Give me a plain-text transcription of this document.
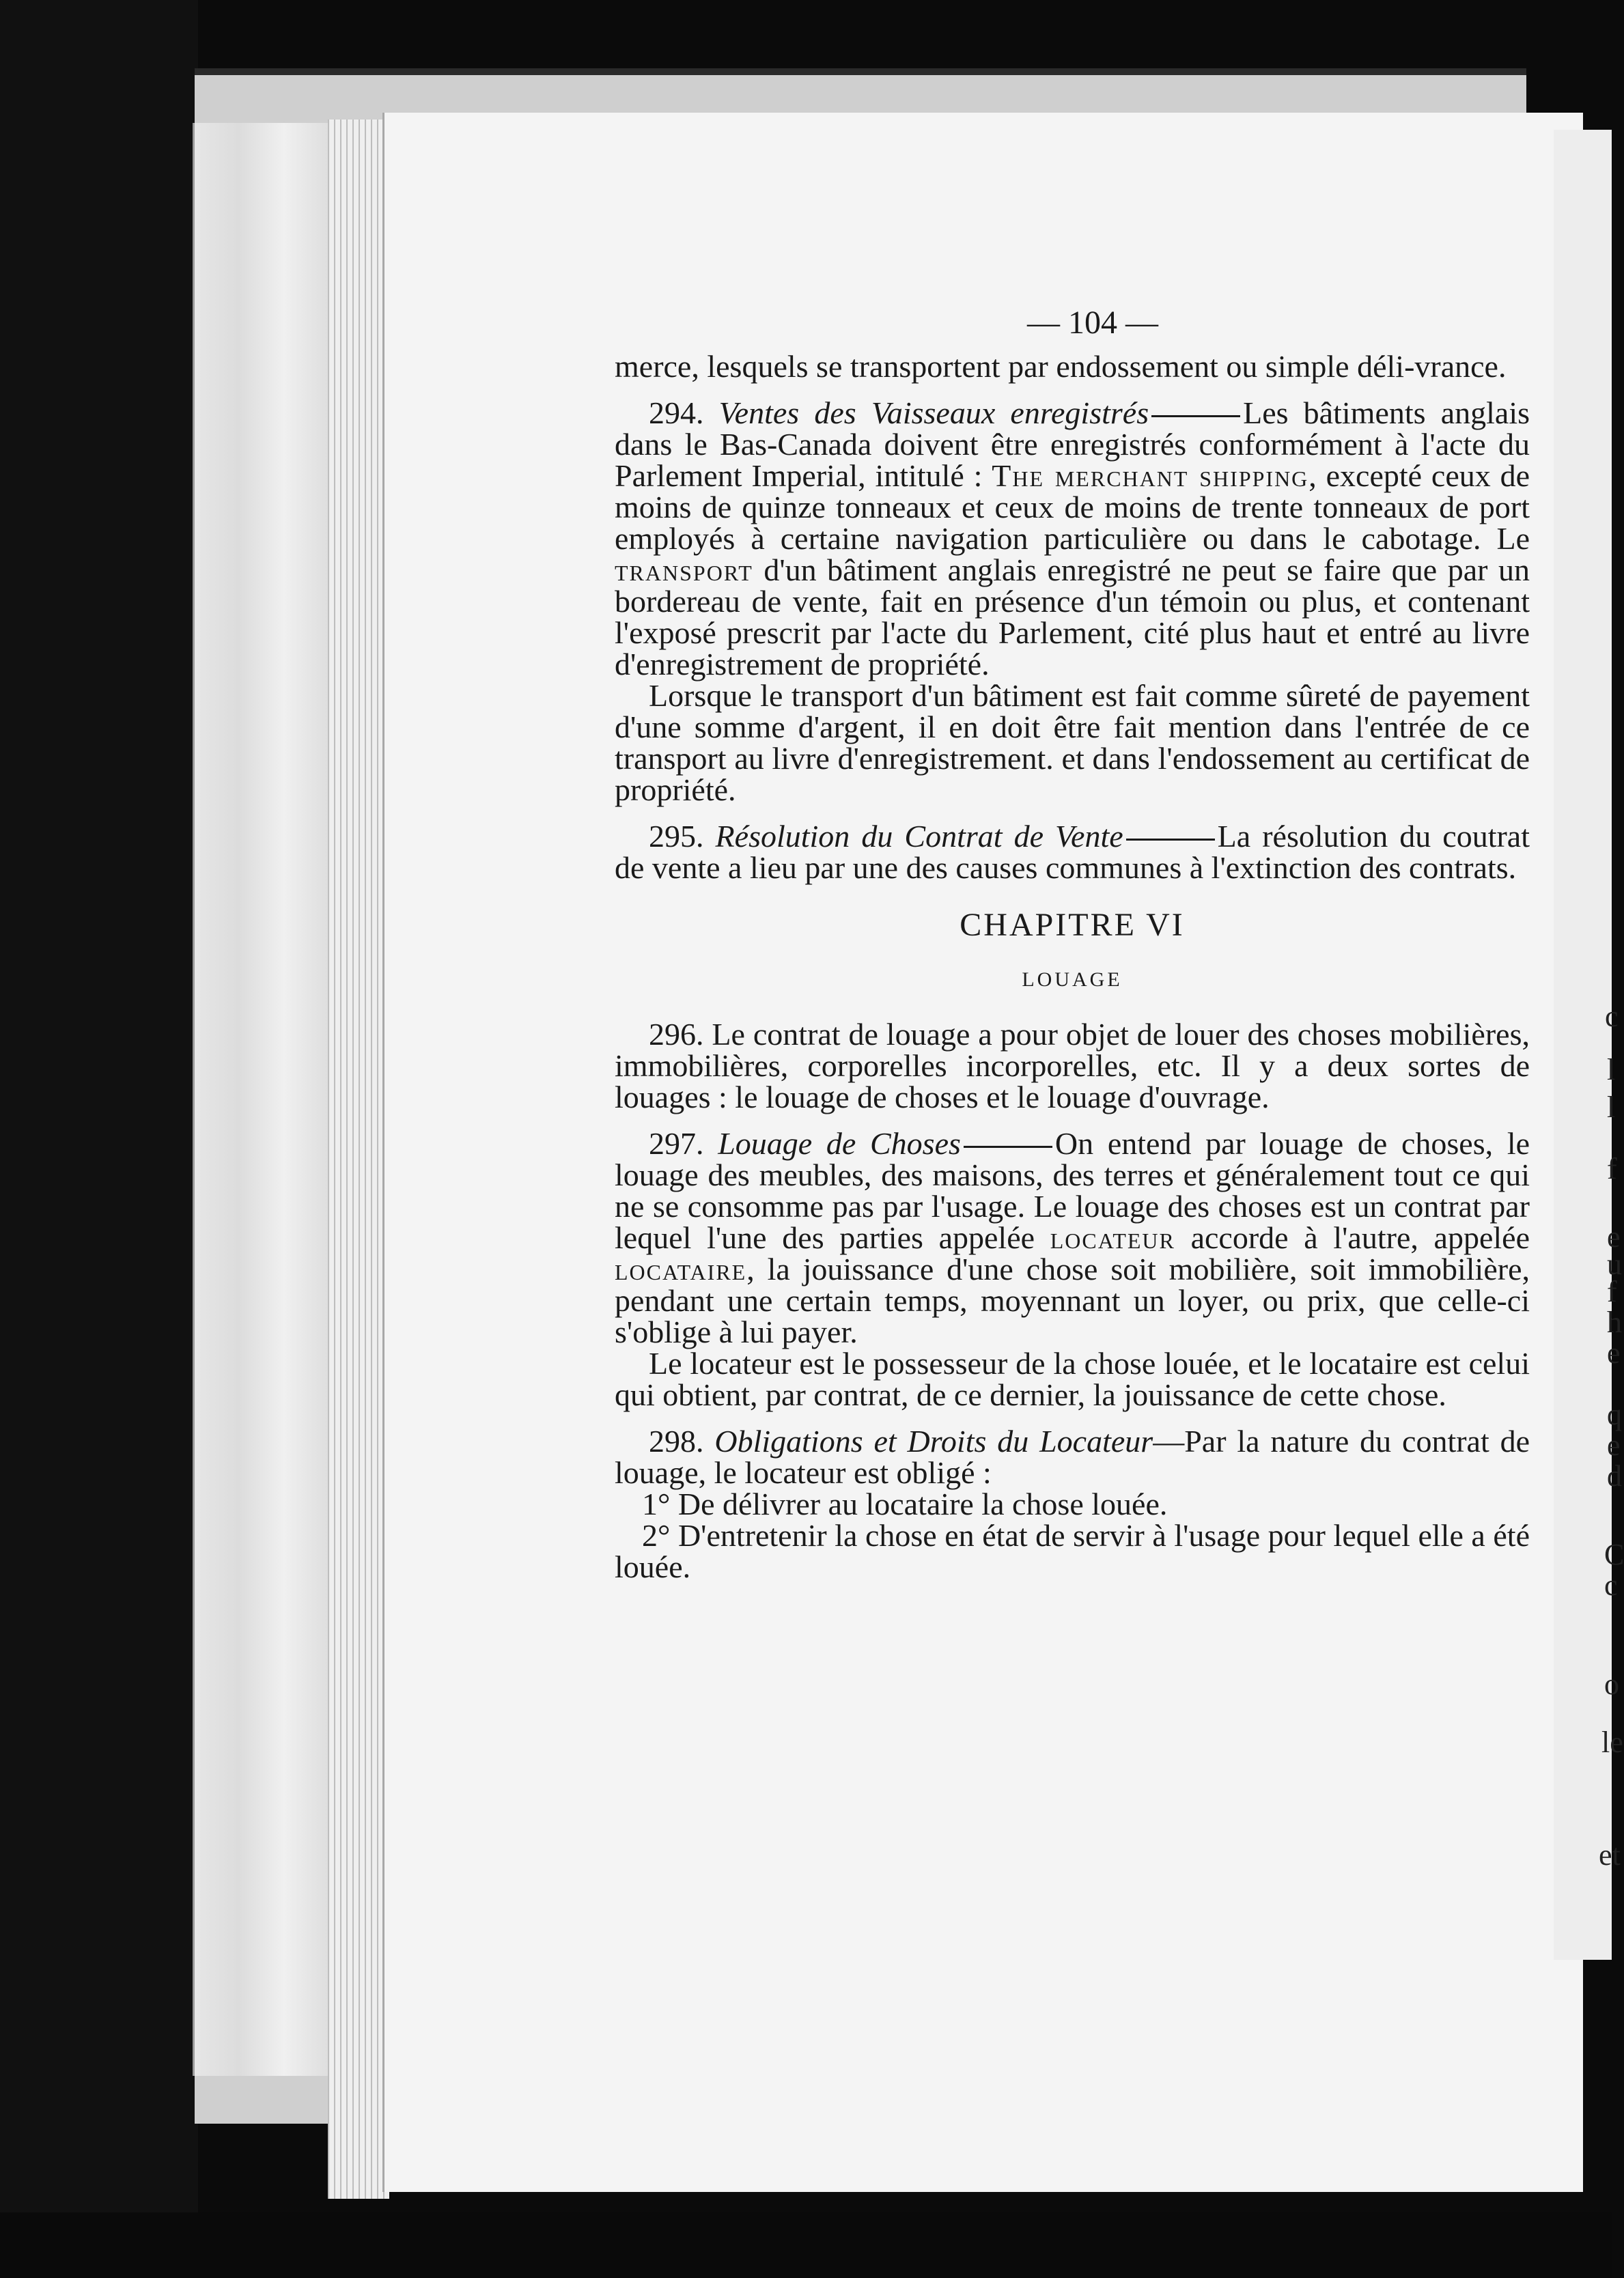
c
l
l
f
e
u
f
h
e
q
e
d
C
c
o
le
et
— 104 —

merce, lesquels se transportent par endossement ou simple déli-vrance.

294. Ventes des Vaisseaux enregistrés	Les bâtiments anglais dans le Bas-Canada doivent être enregistrés conformément à l'acte du Parlement Imperial, intitulé : The merchant shipping, excepté ceux de moins de quinze tonneaux et ceux de moins de trente tonneaux de port employés à certaine navigation particulière ou dans le cabotage. Le transport d'un bâtiment anglais enregistré ne peut se faire que par un bordereau de vente, fait en présence d'un témoin ou plus, et contenant l'exposé prescrit par l'acte du Parlement, cité plus haut et entré au livre d'enregistrement de propriété.

Lorsque le transport d'un bâtiment est fait comme sûreté de payement d'une somme d'argent, il en doit être fait mention dans l'entrée de ce transport au livre d'enregistrement. et dans l'endossement au certificat de propriété.

295. Résolution du Contrat de Vente	La résolution du coutrat de vente a lieu par une des causes communes à l'extinction des contrats.

CHAPITRE VI
LOUAGE

296. Le contrat de louage a pour objet de louer des choses mobilières, immobilières, corporelles incorporelles, etc. Il y a deux sortes de louages : le louage de choses et le louage d'ouvrage.

297. Louage de Choses	On entend par louage de choses, le louage des meubles, des maisons, des terres et généralement tout ce qui ne se consomme pas par l'usage. Le louage des choses est un contrat par lequel l'une des parties appelée locateur accorde à l'autre, appelée locataire, la jouissance d'une chose soit mobilière, soit immobilière, pendant une certain temps, moyennant un loyer, ou prix, que celle-ci s'oblige à lui payer.

Le locateur est le possesseur de la chose louée, et le locataire est celui qui obtient, par contrat, de ce dernier, la jouissance de cette chose.

298. Obligations et Droits du Locateur—Par la nature du contrat de louage, le locateur est obligé :

1° De délivrer au locataire la chose louée.

2° D'entretenir la chose en état de servir à l'usage pour lequel elle a été louée.
